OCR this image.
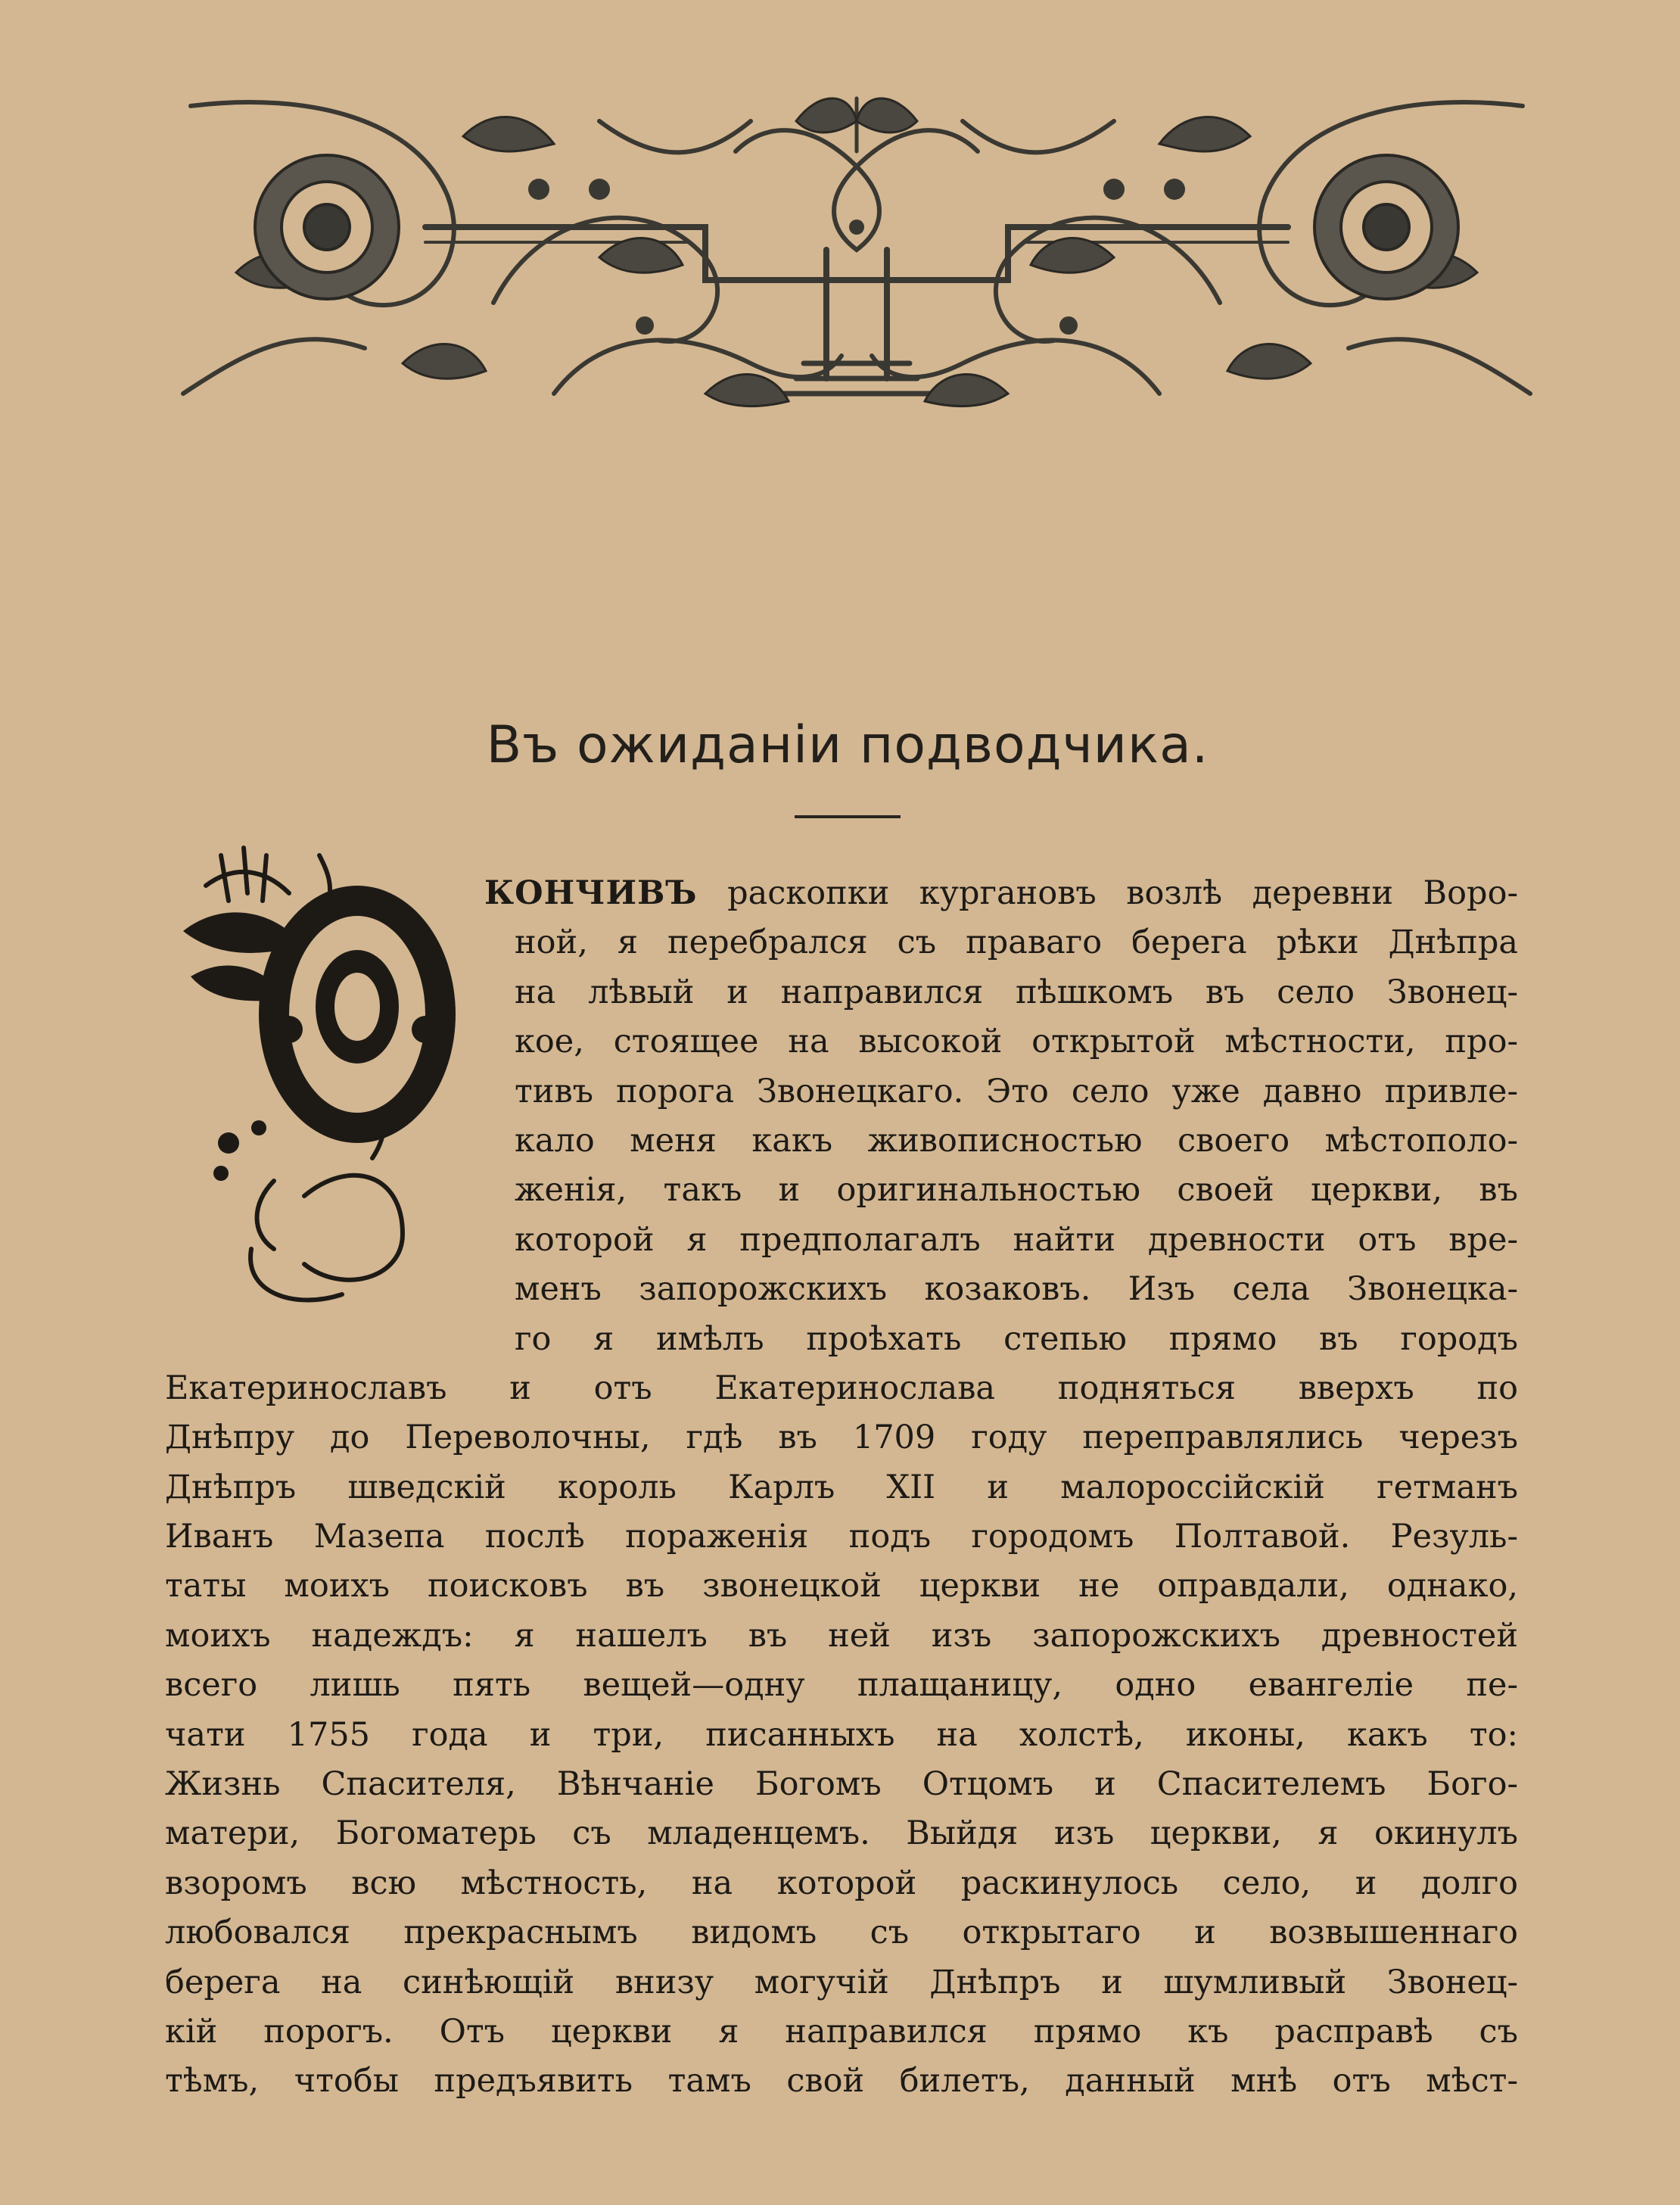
Въ ожиданіи подводчика.
КОНЧИВЪ раскопки кургановъ возлѣ деревни Воро-
ной, я перебрался съ праваго берега рѣки Днѣпра
на лѣвый и направился пѣшкомъ въ село Звонец-
кое, стоящее на высокой открытой мѣстности, про-
тивъ порога Звонецкаго. Это село уже давно привле-
кало меня какъ живописностью своего мѣстополо-
женія, такъ и оригинальностью своей церкви, въ
которой я предполагалъ найти древности отъ вре-
менъ запорожскихъ козаковъ. Изъ села Звонецка-
го я имѣлъ проѣхать степью прямо въ городъ
Екатеринославъ и отъ Екатеринослава подняться вверхъ по
Днѣпру до Переволочны, гдѣ въ 1709 году переправлялись черезъ
Днѣпръ шведскій король Карлъ XII и малороссійскій гетманъ
Иванъ Мазепа послѣ пораженія подъ городомъ Полтавой. Резуль-
таты моихъ поисковъ въ звонецкой церкви не оправдали, однако,
моихъ надеждъ: я нашелъ въ ней изъ запорожскихъ древностей
всего лишь пять вещей—одну плащаницу, одно евангеліе пе-
чати 1755 года и три, писанныхъ на холстѣ, иконы, какъ то:
Жизнь Спасителя, Вѣнчаніе Богомъ Отцомъ и Спасителемъ Бого-
матери, Богоматерь съ младенцемъ. Выйдя изъ церкви, я окинулъ
взоромъ всю мѣстность, на которой раскинулось село, и долго
любовался прекраснымъ видомъ съ открытаго и возвышеннаго
берега на синѣющій внизу могучій Днѣпръ и шумливый Звонец-
кій порогъ. Отъ церкви я направился прямо къ расправѣ съ
тѣмъ, чтобы предъявить тамъ свой билетъ, данный мнѣ отъ мѣст-
